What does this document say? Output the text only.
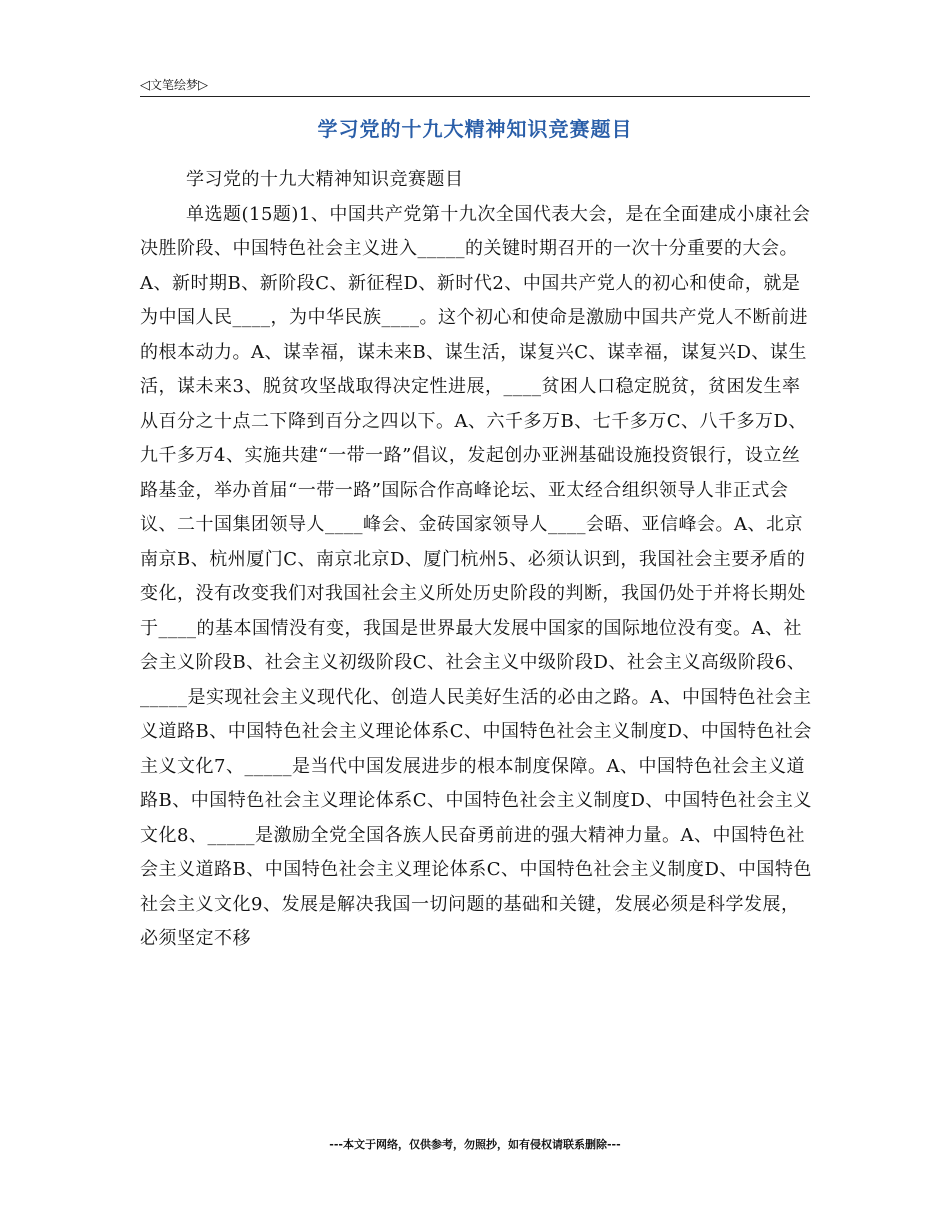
◁文笔绘梦▷
学习党的十九大精神知识竞赛题目

学习党的十九大精神知识竞赛题目

单选题(15题)1、中国共产党第十九次全国代表大会，是在全面建成小康社会决胜阶段、中国特色社会主义进入_____的关键时期召开的一次十分重要的大会。A、新时期B、新阶段C、新征程D、新时代2、中国共产党人的初心和使命，就是为中国人民____，为中华民族____。这个初心和使命是激励中国共产党人不断前进的根本动力。A、谋幸福，谋未来B、谋生活，谋复兴C、谋幸福，谋复兴D、谋生活，谋未来3、脱贫攻坚战取得决定性进展，____贫困人口稳定脱贫，贫困发生率从百分之十点二下降到百分之四以下。A、六千多万B、七千多万C、八千多万D、九千多万4、实施共建“一带一路”倡议，发起创办亚洲基础设施投资银行，设立丝路基金，举办首届“一带一路”国际合作高峰论坛、亚太经合组织领导人非正式会议、二十国集团领导人____峰会、金砖国家领导人____会晤、亚信峰会。A、北京南京B、杭州厦门C、南京北京D、厦门杭州5、必须认识到，我国社会主要矛盾的变化，没有改变我们对我国社会主义所处历史阶段的判断，我国仍处于并将长期处于____的基本国情没有变，我国是世界最大发展中国家的国际地位没有变。A、社会主义阶段B、社会主义初级阶段C、社会主义中级阶段D、社会主义高级阶段6、_____是实现社会主义现代化、创造人民美好生活的必由之路。A、中国特色社会主义道路B、中国特色社会主义理论体系C、中国特色社会主义制度D、中国特色社会主义文化7、_____是当代中国发展进步的根本制度保障。A、中国特色社会主义道路B、中国特色社会主义理论体系C、中国特色社会主义制度D、中国特色社会主义文化8、_____是激励全党全国各族人民奋勇前进的强大精神力量。A、中国特色社会主义道路B、中国特色社会主义理论体系C、中国特色社会主义制度D、中国特色社会主义文化9、发展是解决我国一切问题的基础和关键，发展必须是科学发展，必须坚定不移

---本文于网络，仅供参考，勿照抄，如有侵权请联系删除---
